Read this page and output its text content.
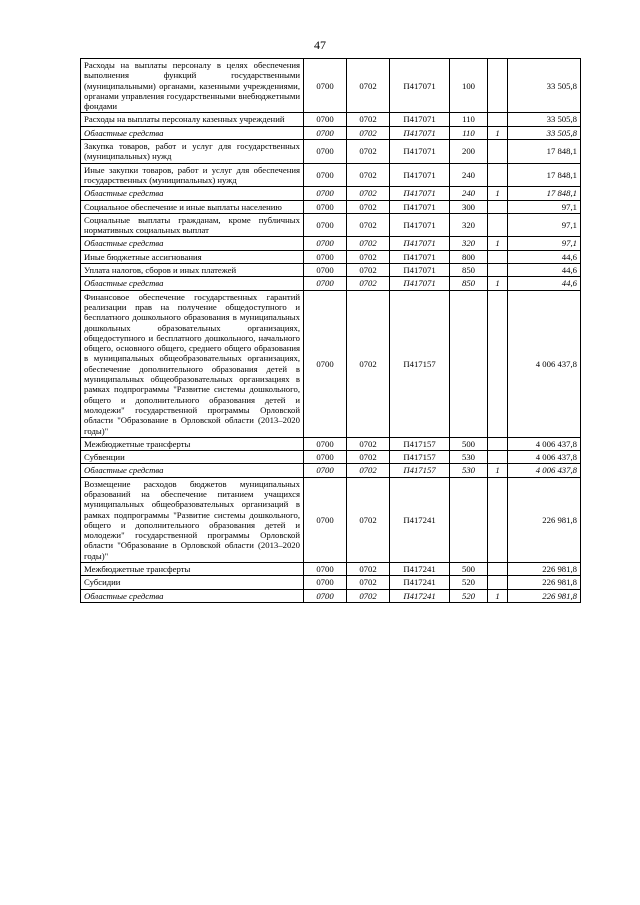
47
Расходы на выплаты персоналу в целях обеспечения выполнения функций государственными (муниципальными) органами, казенными учреждениями, органами управления государственными внебюджетными фондами	0700	0702	П417071	100		33 505,8
Расходы на выплаты персоналу казенных учреждений	0700	0702	П417071	110		33 505,8
Областные средства	0700	0702	П417071	110	1	33 505,8
Закупка товаров, работ и услуг для государственных (муниципальных) нужд	0700	0702	П417071	200		17 848,1
Иные закупки товаров, работ и услуг для обеспечения государственных (муниципальных) нужд	0700	0702	П417071	240		17 848,1
Областные средства	0700	0702	П417071	240	1	17 848,1
Социальное обеспечение и иные выплаты населению	0700	0702	П417071	300		97,1
Социальные выплаты гражданам, кроме публичных нормативных социальных выплат	0700	0702	П417071	320		97,1
Областные средства	0700	0702	П417071	320	1	97,1
Иные бюджетные ассигнования	0700	0702	П417071	800		44,6
Уплата налогов, сборов и иных платежей	0700	0702	П417071	850		44,6
Областные средства	0700	0702	П417071	850	1	44,6
Финансовое обеспечение государственных гарантий реализации прав на получение общедоступного и бесплатного дошкольного образования в муниципальных дошкольных образовательных организациях, общедоступного и бесплатного дошкольного, начального общего, основного общего, среднего общего образования в муниципальных общеобразовательных организациях, обеспечение дополнительного образования детей в муниципальных общеобразовательных организациях в рамках подпрограммы "Развитие системы дошкольного, общего и дополнительного образования детей и молодежи" государственной программы Орловской области "Образование в Орловской области (2013–2020 годы)"	0700	0702	П417157			4 006 437,8
Межбюджетные трансферты	0700	0702	П417157	500		4 006 437,8
Субвенции	0700	0702	П417157	530		4 006 437,8
Областные средства	0700	0702	П417157	530	1	4 006 437,8
Возмещение расходов бюджетов муниципальных образований на обеспечение питанием учащихся муниципальных общеобразовательных организаций в рамках подпрограммы "Развитие системы дошкольного, общего и дополнительного образования детей и молодежи" государственной программы Орловской области "Образование в Орловской области (2013–2020 годы)"	0700	0702	П417241			226 981,8
Межбюджетные трансферты	0700	0702	П417241	500		226 981,8
Субсидии	0700	0702	П417241	520		226 981,8
Областные средства	0700	0702	П417241	520	1	226 981,8
